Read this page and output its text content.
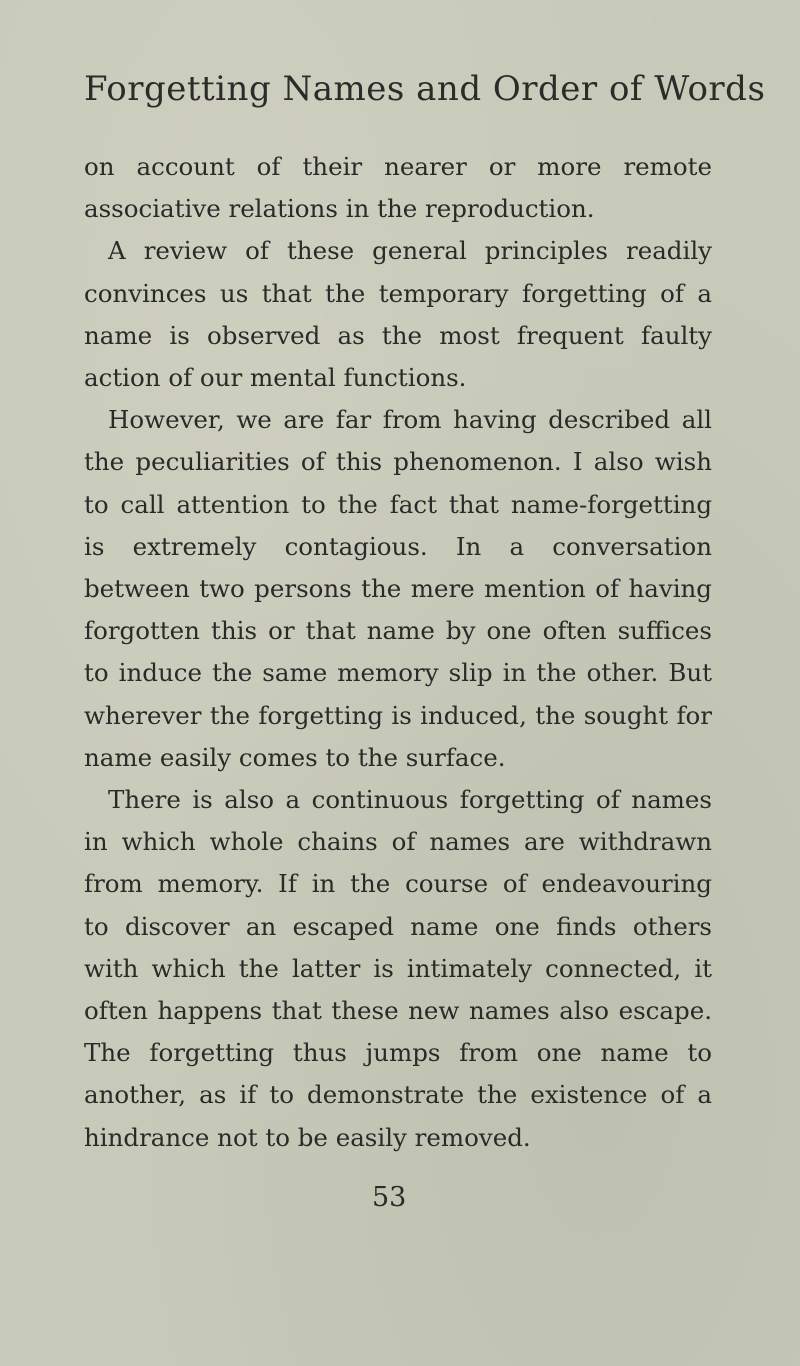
Forgetting Names and Order of Words
on account of their nearer or more remote
associative relations in the reproduction.
A review of these general principles readily
convinces us that the temporary forgetting of a
name is observed as the most frequent faulty
action of our mental functions.
However, we are far from having described all
the peculiarities of this phenomenon. I also wish
to call attention to the fact that name-forgetting
is extremely contagious. In a conversation
between two persons the mere mention of having
forgotten this or that name by one often suffices
to induce the same memory slip in the other. But
wherever the forgetting is induced, the sought for
name easily comes to the surface.
There is also a continuous forgetting of names
in which whole chains of names are withdrawn
from memory. If in the course of endeavouring
to discover an escaped name one finds others
with which the latter is intimately connected, it
often happens that these new names also escape.
The forgetting thus jumps from one name to
another, as if to demonstrate the existence of a
hindrance not to be easily removed.
53
